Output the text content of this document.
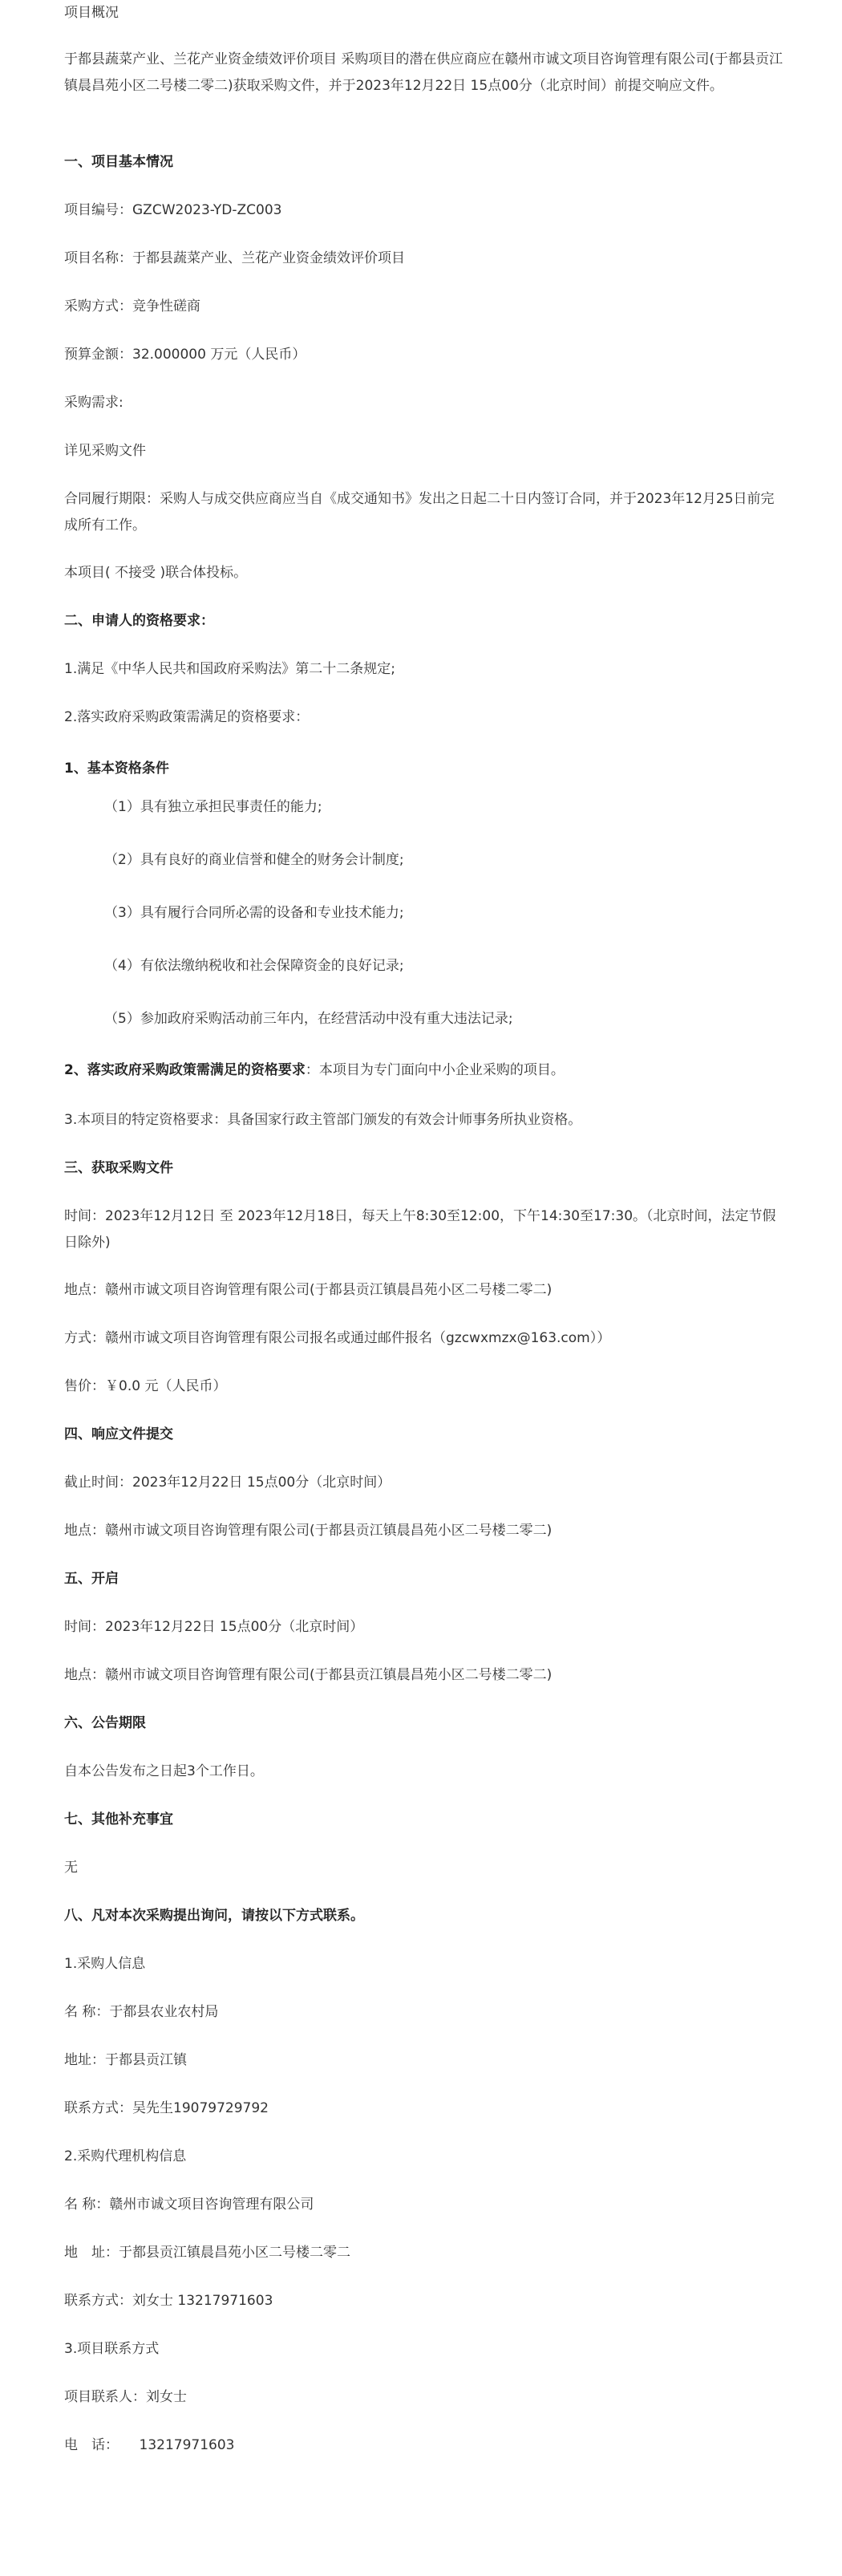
项目概况

于都县蔬菜产业、兰花产业资金绩效评价项目 采购项目的潜在供应商应在赣州市诚文项目咨询管理有限公司(于都县贡江镇晨昌苑小区二号楼二零二)获取采购文件，并于2023年12月22日 15点00分（北京时间）前提交响应文件。

一、项目基本情况

项目编号：GZCW2023-YD-ZC003

项目名称：于都县蔬菜产业、兰花产业资金绩效评价项目

采购方式：竞争性磋商

预算金额：32.000000 万元（人民币）

采购需求:

详见采购文件

合同履行期限：采购人与成交供应商应当自《成交通知书》发出之日起二十日内签订合同，并于2023年12月25日前完成所有工作。

本项目( 不接受 )联合体投标。

二、申请人的资格要求：

1.满足《中华人民共和国政府采购法》第二十二条规定;

2.落实政府采购政策需满足的资格要求：

1、基本资格条件

（1）具有独立承担民事责任的能力;

（2）具有良好的商业信誉和健全的财务会计制度;

（3）具有履行合同所必需的设备和专业技术能力;

（4）有依法缴纳税收和社会保障资金的良好记录;

（5）参加政府采购活动前三年内，在经营活动中没有重大违法记录;

2、落实政府采购政策需满足的资格要求：本项目为专门面向中小企业采购的项目。

3.本项目的特定资格要求：具备国家行政主管部门颁发的有效会计师事务所执业资格。

三、获取采购文件

时间：2023年12月12日 至 2023年12月18日，每天上午8:30至12:00，下午14:30至17:30。（北京时间，法定节假日除外)

地点：赣州市诚文项目咨询管理有限公司(于都县贡江镇晨昌苑小区二号楼二零二)

方式：赣州市诚文项目咨询管理有限公司报名或通过邮件报名（gzcwxmzx@163.com））

售价：￥0.0 元（人民币）

四、响应文件提交

截止时间：2023年12月22日 15点00分（北京时间）

地点：赣州市诚文项目咨询管理有限公司(于都县贡江镇晨昌苑小区二号楼二零二)

五、开启

时间：2023年12月22日 15点00分（北京时间）

地点：赣州市诚文项目咨询管理有限公司(于都县贡江镇晨昌苑小区二号楼二零二)

六、公告期限

自本公告发布之日起3个工作日。

七、其他补充事宜

无

八、凡对本次采购提出询问，请按以下方式联系。

1.采购人信息

名 称：于都县农业农村局

地址：于都县贡江镇

联系方式：吴先生19079729792

2.采购代理机构信息

名 称：赣州市诚文项目咨询管理有限公司

地　址：于都县贡江镇晨昌苑小区二号楼二零二

联系方式：刘女士 13217971603

3.项目联系方式

项目联系人：刘女士

电　话：　　13217971603
